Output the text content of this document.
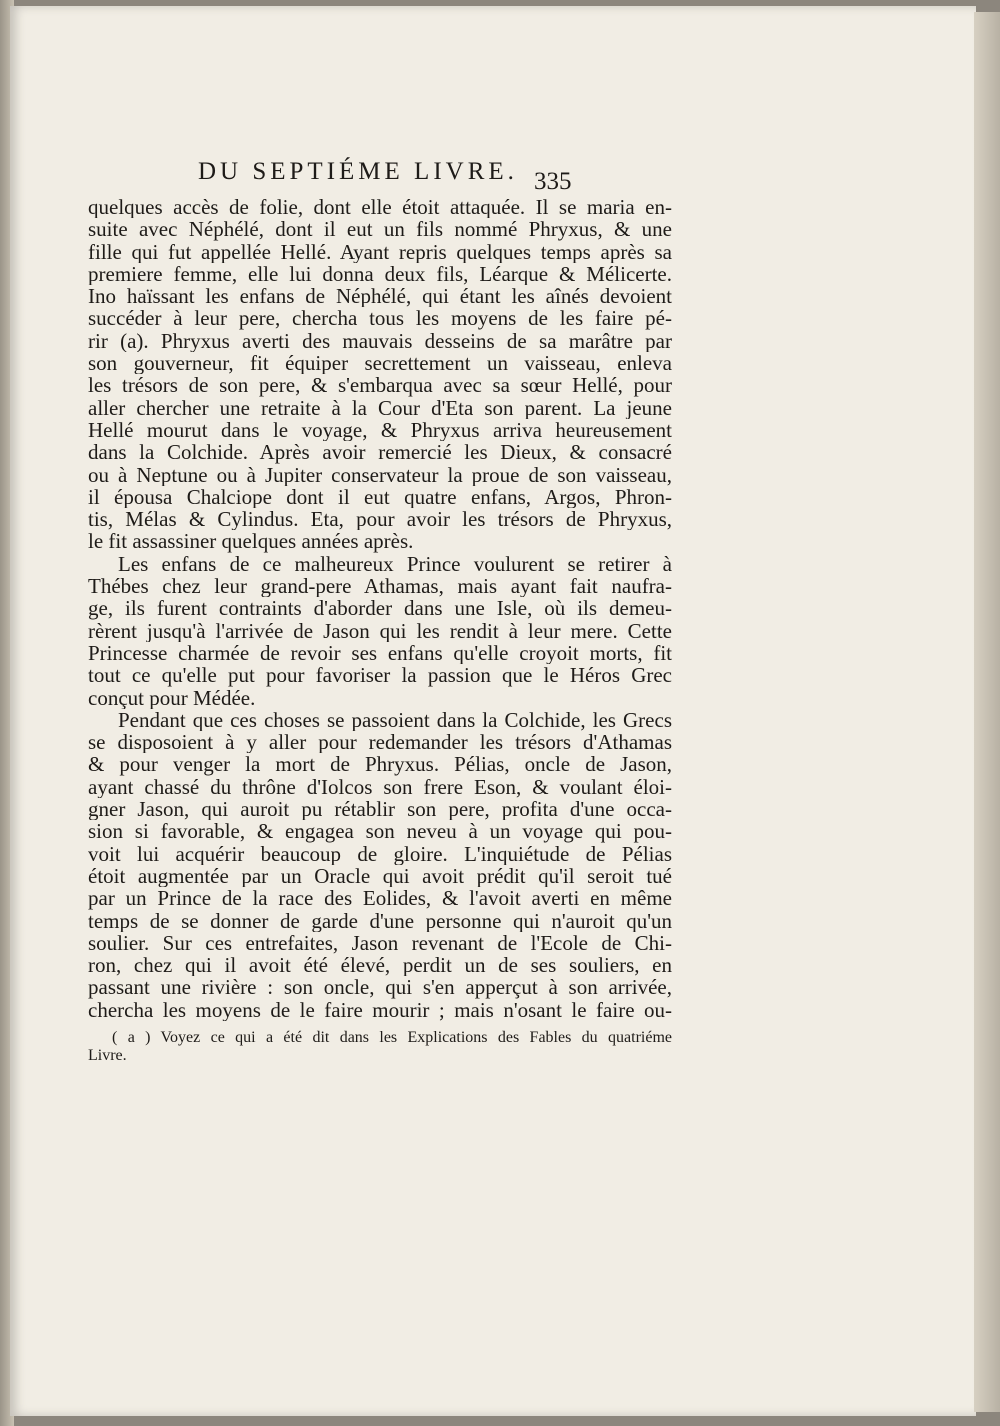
DU SEPTIÉME LIVRE. 335
quelques accès de folie, dont elle étoit attaquée. Il se maria en-
suite avec Néphélé, dont il eut un fils nommé Phryxus, & une
fille qui fut appellée Hellé. Ayant repris quelques temps après sa
premiere femme, elle lui donna deux fils, Léarque & Mélicerte.
Ino haïssant les enfans de Néphélé, qui étant les aînés devoient
succéder à leur pere, chercha tous les moyens de les faire pé-
rir (a). Phryxus averti des mauvais desseins de sa marâtre par
son gouverneur, fit équiper secrettement un vaisseau, enleva
les trésors de son pere, & s'embarqua avec sa sœur Hellé, pour
aller chercher une retraite à la Cour d'Eta son parent. La jeune
Hellé mourut dans le voyage, & Phryxus arriva heureusement
dans la Colchide. Après avoir remercié les Dieux, & consacré
ou à Neptune ou à Jupiter conservateur la proue de son vaisseau,
il épousa Chalciope dont il eut quatre enfans, Argos, Phron-
tis, Mélas & Cylindus. Eta, pour avoir les trésors de Phryxus,
le fit assassiner quelques années après.
Les enfans de ce malheureux Prince voulurent se retirer à
Thébes chez leur grand-pere Athamas, mais ayant fait naufra-
ge, ils furent contraints d'aborder dans une Isle, où ils demeu-
rèrent jusqu'à l'arrivée de Jason qui les rendit à leur mere. Cette
Princesse charmée de revoir ses enfans qu'elle croyoit morts, fit
tout ce qu'elle put pour favoriser la passion que le Héros Grec
conçut pour Médée.
Pendant que ces choses se passoient dans la Colchide, les Grecs
se disposoient à y aller pour redemander les trésors d'Athamas
& pour venger la mort de Phryxus. Pélias, oncle de Jason,
ayant chassé du thrône d'Iolcos son frere Eson, & voulant éloi-
gner Jason, qui auroit pu rétablir son pere, profita d'une occa-
sion si favorable, & engagea son neveu à un voyage qui pou-
voit lui acquérir beaucoup de gloire. L'inquiétude de Pélias
étoit augmentée par un Oracle qui avoit prédit qu'il seroit tué
par un Prince de la race des Eolides, & l'avoit averti en même
temps de se donner de garde d'une personne qui n'auroit qu'un
soulier. Sur ces entrefaites, Jason revenant de l'Ecole de Chi-
ron, chez qui il avoit été élevé, perdit un de ses souliers, en
passant une rivière : son oncle, qui s'en apperçut à son arrivée,
chercha les moyens de le faire mourir ; mais n'osant le faire ou-
( a ) Voyez ce qui a été dit dans les Explications des Fables du quatriéme
Livre.
